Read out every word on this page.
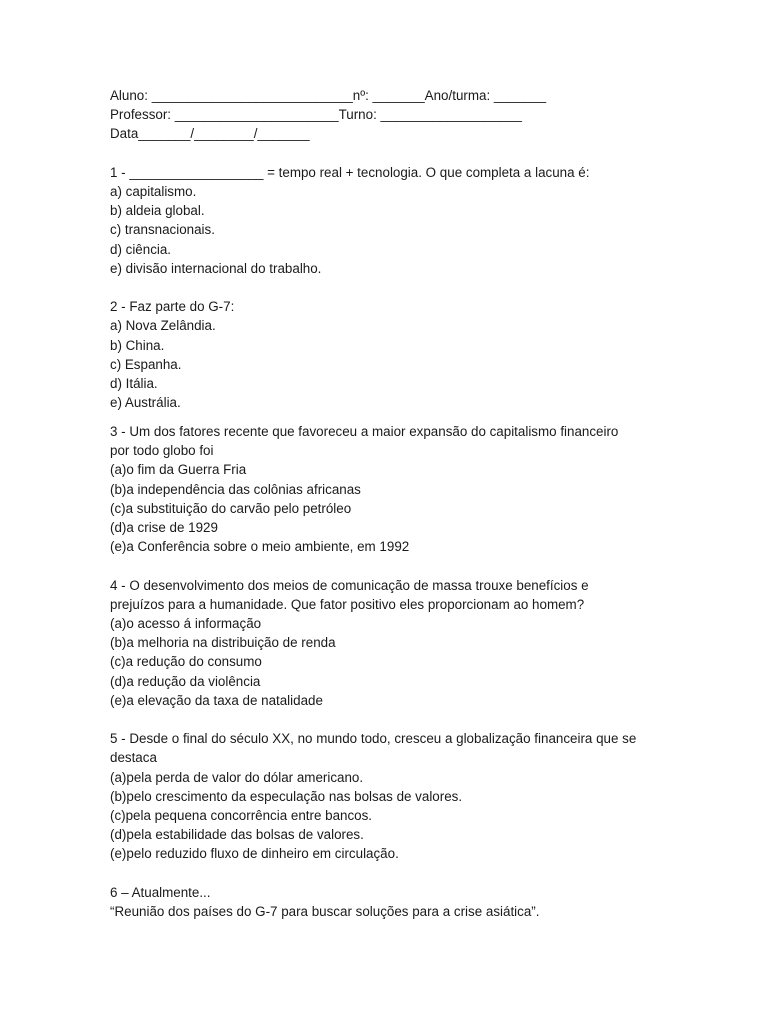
Aluno: ___________________________nº: _______Ano/turma: _______
Professor: ______________________Turno: ___________________
Data_______/________/_______
1 - __________________ = tempo real + tecnologia. O que completa a lacuna é:
a) capitalismo.
b) aldeia global.
c) transnacionais.
d) ciência.
e) divisão internacional do trabalho.
2 - Faz parte do G-7:
a) Nova Zelândia.
b) China.
c) Espanha.
d) Itália.
e) Austrália.
3 - Um dos fatores recente que favoreceu a maior expansão do capitalismo financeiro
por todo globo foi
(a)o fim da Guerra Fria
(b)a independência das colônias africanas
(c)a substituição do carvão pelo petróleo
(d)a crise de 1929
(e)a Conferência sobre o meio ambiente, em 1992
4 - O desenvolvimento dos meios de comunicação de massa trouxe benefícios e
prejuízos para a humanidade. Que fator positivo eles proporcionam ao homem?
(a)o acesso á informação
(b)a melhoria na distribuição de renda
(c)a redução do consumo
(d)a redução da violência
(e)a elevação da taxa de natalidade
5 - Desde o final do século XX, no mundo todo, cresceu a globalização financeira que se
destaca
(a)pela perda de valor do dólar americano.
(b)pelo crescimento da especulação nas bolsas de valores.
(c)pela pequena concorrência entre bancos.
(d)pela estabilidade das bolsas de valores.
(e)pelo reduzido fluxo de dinheiro em circulação.
6 – Atualmente...
“Reunião dos países do G-7 para buscar soluções para a crise asiática”.
